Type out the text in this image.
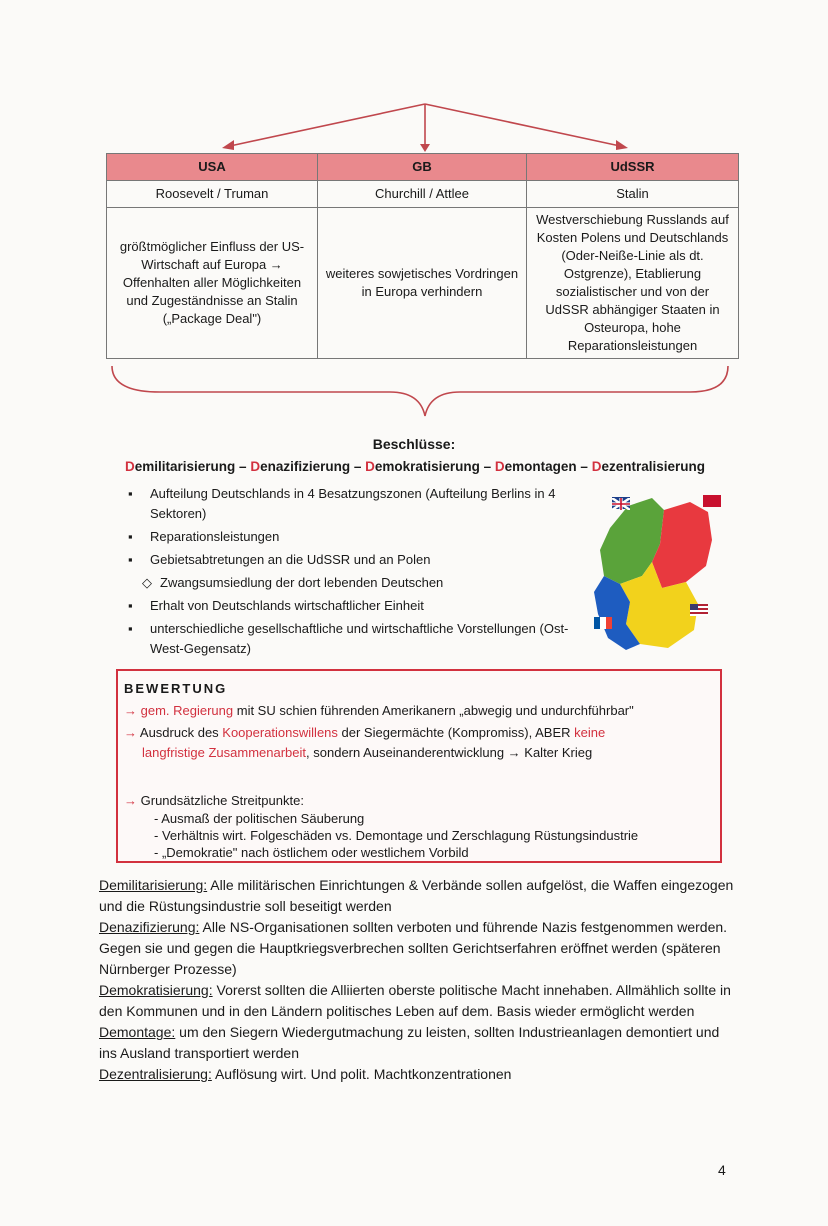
USA	GB	UdSSR
Roosevelt / Truman	Churchill / Attlee	Stalin
größtmöglicher Einfluss der US-Wirtschaft auf Europa → Offenhalten aller Möglichkeiten und Zugeständnisse an Stalin („Package Deal")	weiteres sowjetisches Vordringen in Europa verhindern	Westverschiebung Russlands auf Kosten Polens und Deutschlands (Oder-Neiße-Linie als dt. Ostgrenze), Etablierung sozialistischer und von der UdSSR abhängiger Staaten in Osteuropa, hohe Reparationsleistungen
Beschlüsse:
Demilitarisierung – Denazifizierung – Demokratisierung – Demontagen – Dezentralisierung
▪ Aufteilung Deutschlands in 4 Besatzungszonen (Aufteilung Berlins in 4 Sektoren)
▪ Reparationsleistungen
▪ Gebietsabtretungen an die UdSSR und an Polen
◇ Zwangsumsiedlung der dort lebenden Deutschen
▪ Erhalt von Deutschlands wirtschaftlicher Einheit
▪ unterschiedliche gesellschaftliche und wirtschaftliche Vorstellungen (Ost-West-Gegensatz)
BEWERTUNG
→ gem. Regierung mit SU schien führenden Amerikanern „abwegig und undurchführbar"
→ Ausdruck des Kooperationswillens der Siegermächte (Kompromiss), ABER keine
langfristige Zusammenarbeit, sondern Auseinanderentwicklung → Kalter Krieg
→ Grundsätzliche Streitpunkte:
- Ausmaß der politischen Säuberung
- Verhältnis wirt. Folgeschäden vs. Demontage und Zerschlagung Rüstungsindustrie
- „Demokratie" nach östlichem oder westlichem Vorbild

Demilitarisierung: Alle militärischen Einrichtungen & Verbände sollen aufgelöst, die Waffen eingezogen und die Rüstungsindustrie soll beseitigt werden

Denazifizierung: Alle NS-Organisationen sollten verboten und führende Nazis festgenommen werden. Gegen sie und gegen die Hauptkriegsverbrechen sollten Gerichtserfahren eröffnet werden (späteren Nürnberger Prozesse)

Demokratisierung: Vorerst sollten die Alliierten oberste politische Macht innehaben. Allmählich sollte in den Kommunen und in den Ländern politisches Leben auf dem. Basis wieder ermöglicht werden

Demontage: um den Siegern Wiedergutmachung zu leisten, sollten Industrieanlagen demontiert und ins Ausland transportiert werden

Dezentralisierung: Auflösung wirt. Und polit. Machtkonzentrationen

4
